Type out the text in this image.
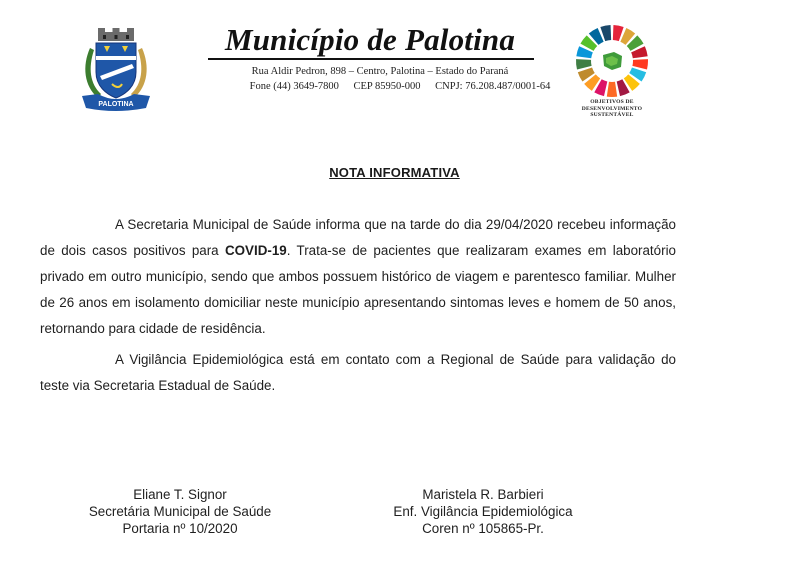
PALOTINA
Município de Palotina
Rua Aldir Pedron, 898 – Centro, Palotina – Estado do Paraná
Fone (44) 3649-7800 CEP 85950-000 CNPJ: 76.208.487/0001-64
OBJETIVOS DE
DESENVOLVIMENTO
SUSTENTÁVEL
NOTA INFORMATIVA
A Secretaria Municipal de Saúde informa que na tarde do dia 29/04/2020 recebeu informação de dois casos positivos para COVID-19. Trata-se de pacientes que realizaram exames em laboratório privado em outro município, sendo que ambos possuem histórico de viagem e parentesco familiar. Mulher de 26 anos em isolamento domiciliar neste município apresentando sintomas leves e homem de 50 anos, retornando para cidade de residência.
A Vigilância Epidemiológica está em contato com a Regional de Saúde para validação do teste via Secretaria Estadual de Saúde.
Eliane T. Signor
Secretária Municipal de Saúde
Portaria nº 10/2020
Maristela R. Barbieri
Enf. Vigilância Epidemiológica
Coren nº 105865-Pr.
